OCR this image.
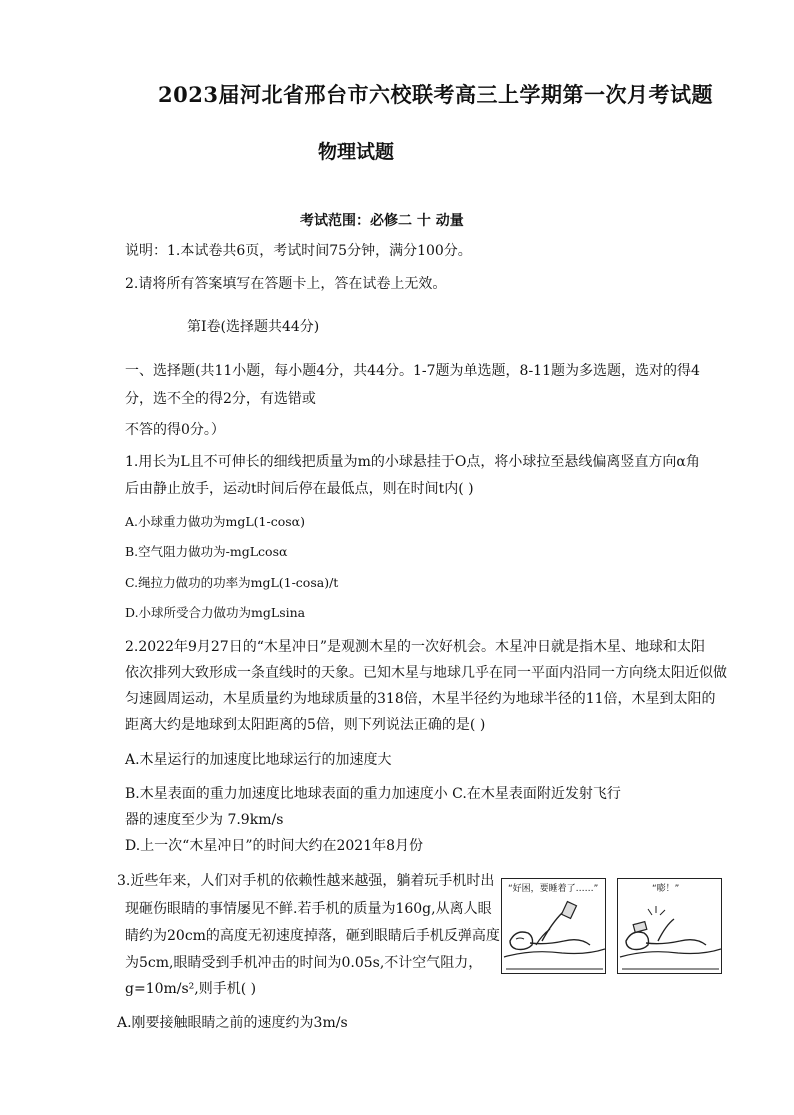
2023届河北省邢台市六校联考高三上学期第一次月考试题
物理试题
考试范围：必修二 十 动量
说明：1.本试卷共6页，考试时间75分钟，满分100分。
2.请将所有答案填写在答题卡上，答在试卷上无效。
第Ⅰ卷(选择题共44分)
一、选择题(共11小题，每小题4分，共44分。1-7题为单选题，8-11题为多选题，选对的得4
分，选不全的得2分，有选错或
不答的得0分。）
1.用长为L且不可伸长的细线把质量为m的小球悬挂于O点，将小球拉至悬线偏离竖直方向α角
后由静止放手，运动t时间后停在最低点，则在时间t内( )
A.小球重力做功为mgL(1-cosα)
B.空气阻力做功为-mgLcosα
C.绳拉力做功的功率为mgL(1-cosa)/t
D.小球所受合力做功为mgLsina
2.2022年9月27日的“木星冲日”是观测木星的一次好机会。木星冲日就是指木星、地球和太阳
依次排列大致形成一条直线时的天象。已知木星与地球几乎在同一平面内沿同一方向绕太阳近似做
匀速圆周运动，木星质量约为地球质量的318倍，木星半径约为地球半径的11倍，木星到太阳的
距离大约是地球到太阳距离的5倍，则下列说法正确的是( )
A.木星运行的加速度比地球运行的加速度大
B.木星表面的重力加速度比地球表面的重力加速度小 C.在木星表面附近发射飞行
器的速度至少为 7.9km/s
D.上一次“木星冲日”的时间大约在2021年8月份
3.近些年来，人们对手机的依赖性越来越强，躺着玩手机时出
现砸伤眼睛的事情屡见不鲜.若手机的质量为160g,从离人眼
睛约为20cm的高度无初速度掉落，砸到眼睛后手机反弹高度
为5cm,眼睛受到手机冲击的时间为0.05s,不计空气阻力，
g=10m/s²,则手机( )
A.刚要接触眼睛之前的速度约为3m/s
“好困，要睡着了……”	“嘭！”
